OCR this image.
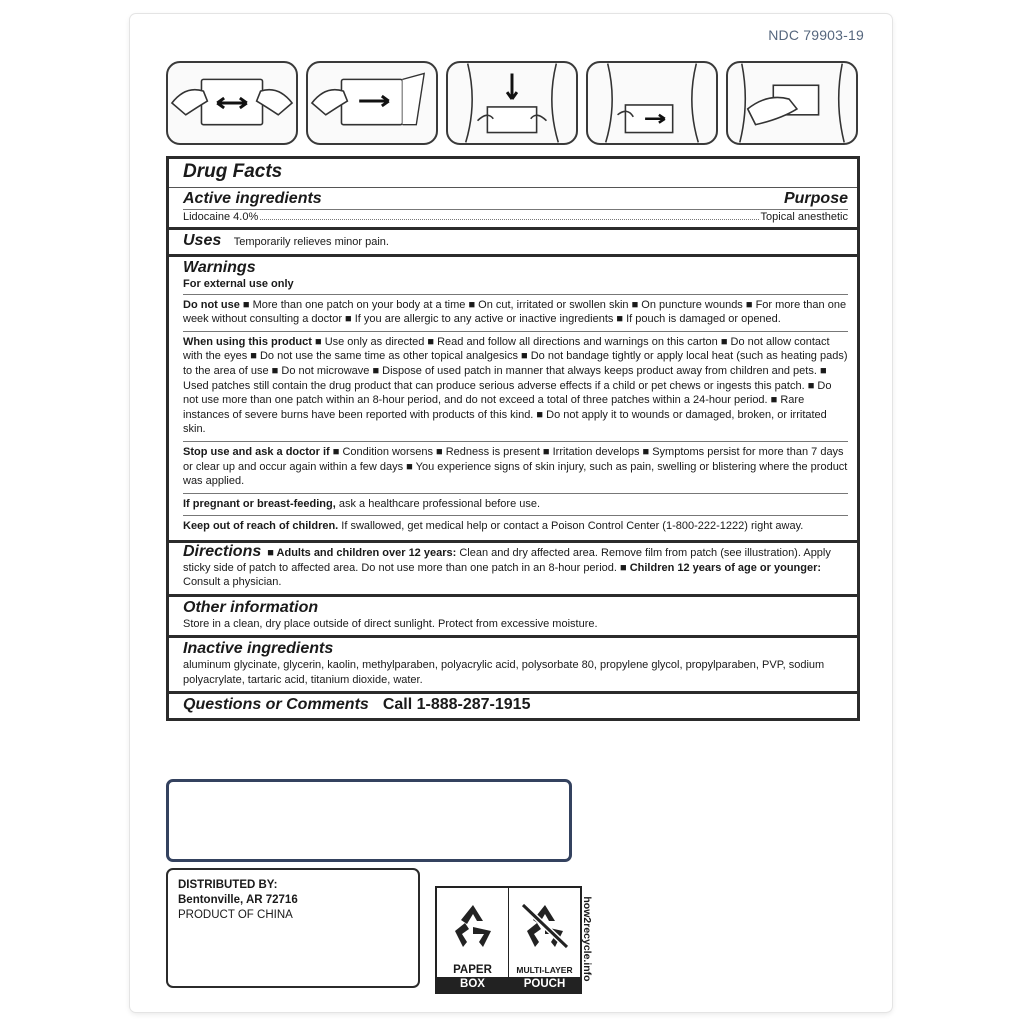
NDC 79903-19
Drug Facts
Purpose
Active ingredients
Lidocaine 4.0%	Topical anesthetic
Uses Temporarily relieves minor pain.
Warnings
For external use only
Do not use ■ More than one patch on your body at a time ■ On cut, irritated or swollen skin ■ On puncture wounds ■ For more than one week without consulting a doctor ■ If you are allergic to any active or inactive ingredients ■ If pouch is damaged or opened.
When using this product ■ Use only as directed ■ Read and follow all directions and warnings on this carton ■ Do not allow contact with the eyes ■ Do not use the same time as other topical analgesics ■ Do not bandage tightly or apply local heat (such as heating pads) to the area of use ■ Do not microwave ■ Dispose of used patch in manner that always keeps product away from children and pets. ■ Used patches still contain the drug product that can produce serious adverse effects if a child or pet chews or ingests this patch. ■ Do not use more than one patch within an 8-hour period, and do not exceed a total of three patches within a 24-hour period. ■ Rare instances of severe burns have been reported with products of this kind. ■ Do not apply it to wounds or damaged, broken, or irritated skin.
Stop use and ask a doctor if ■ Condition worsens ■ Redness is present ■ Irritation develops ■ Symptoms persist for more than 7 days or clear up and occur again within a few days ■ You experience signs of skin injury, such as pain, swelling or blistering where the product was applied.
If pregnant or breast-feeding, ask a healthcare professional before use.
Keep out of reach of children. If swallowed, get medical help or contact a Poison Control Center (1-800-222-1222) right away.
Directions ■ Adults and children over 12 years: Clean and dry affected area. Remove film from patch (see illustration). Apply sticky side of patch to affected area. Do not use more than one patch in an 8-hour period. ■ Children 12 years of age or younger: Consult a physician.
Other information
Store in a clean, dry place outside of direct sunlight. Protect from excessive moisture.
Inactive ingredients
aluminum glycinate, glycerin, kaolin, methylparaben, polyacrylic acid, polysorbate 80, propylene glycol, propylparaben, PVP, sodium polyacrylate, tartaric acid, titanium dioxide, water.
Questions or Comments Call 1-888-287-1915
DISTRIBUTED BY:
Bentonville, AR 72716
PRODUCT OF CHINA
PAPER
BOX
MULTI-LAYER
POUCH
how2recycle.info
